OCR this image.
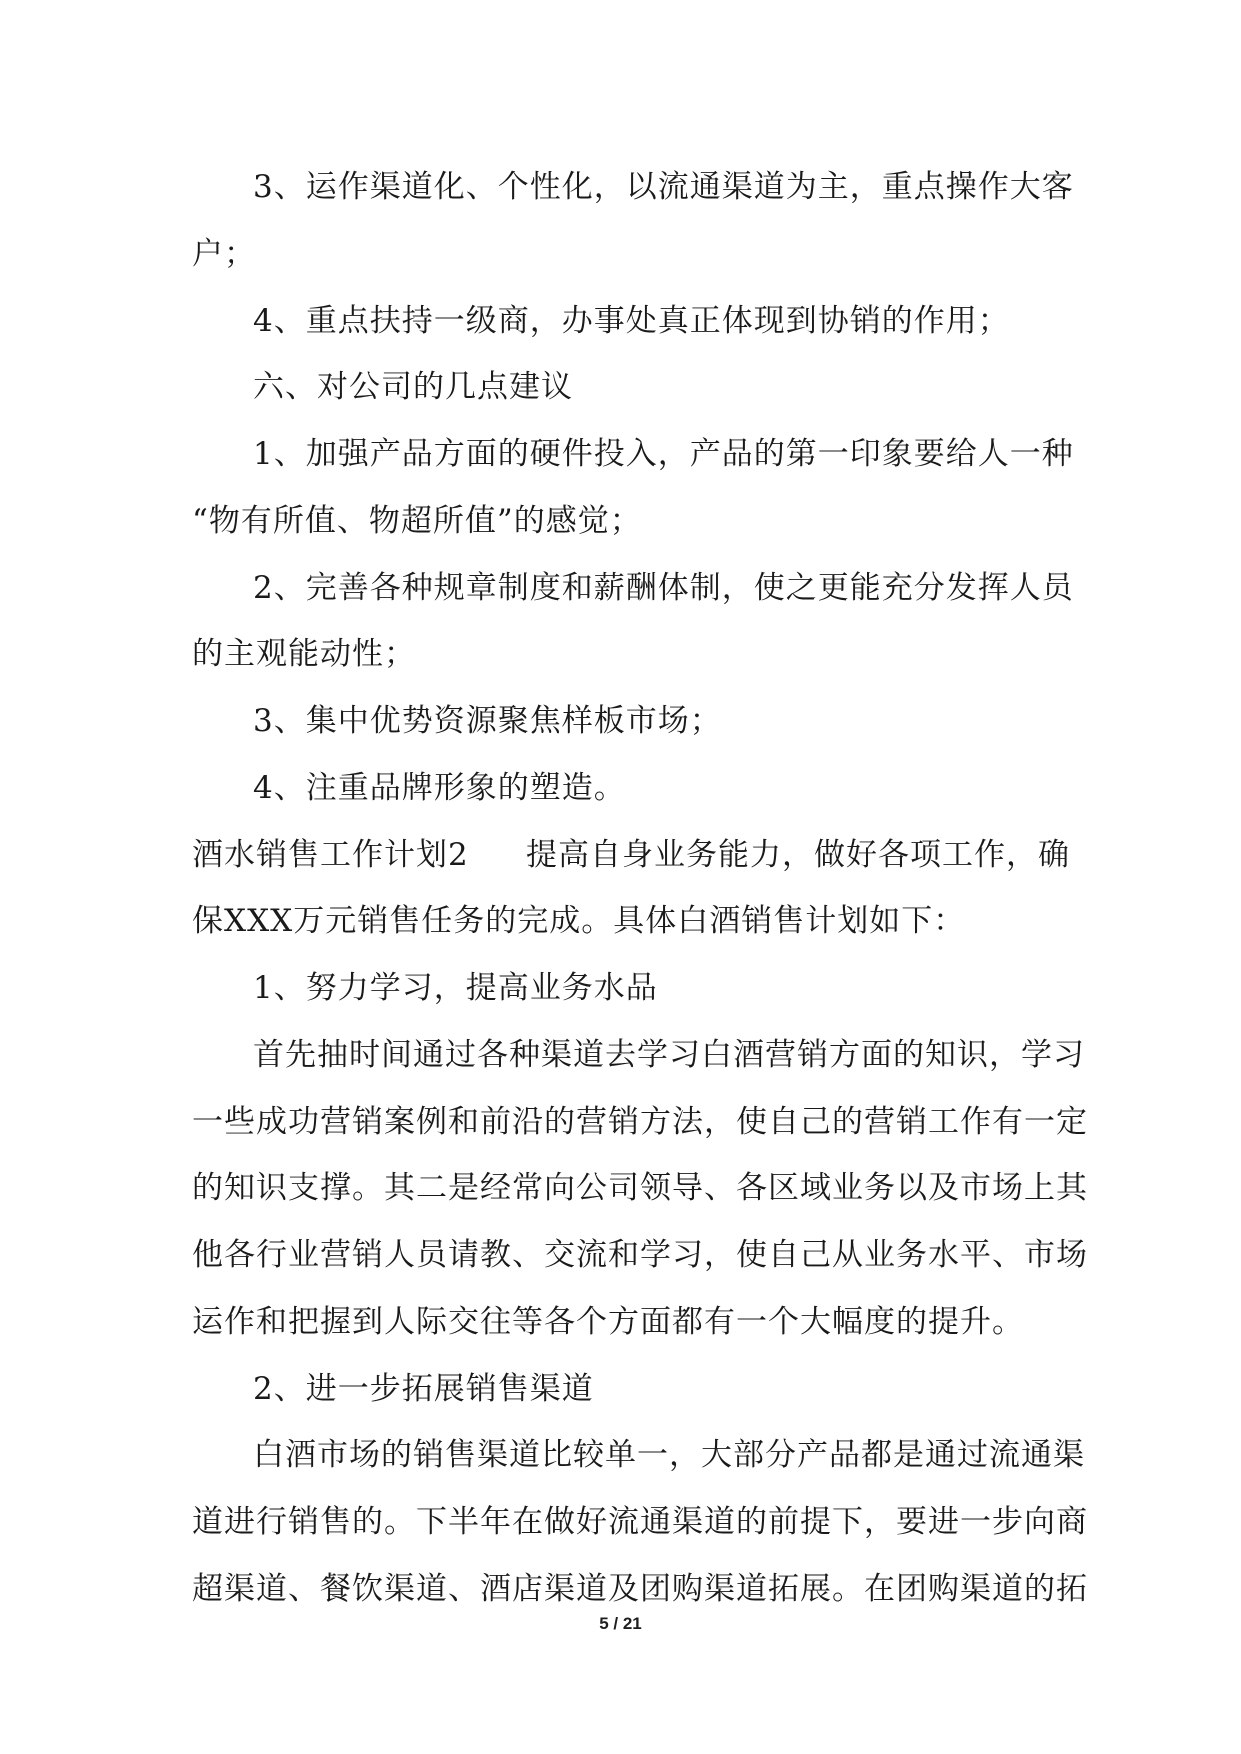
3、运作渠道化、个性化，以流通渠道为主，重点操作大客
户；
4、重点扶持一级商，办事处真正体现到协销的作用；
六、对公司的几点建议
1、加强产品方面的硬件投入，产品的第一印象要给人一种
“物有所值、物超所值”的感觉；
2、完善各种规章制度和薪酬体制，使之更能充分发挥人员
的主观能动性；
3、集中优势资源聚焦样板市场；
4、注重品牌形象的塑造。
酒水销售工作计划2 提高自身业务能力，做好各项工作，确
保XXX万元销售任务的完成。具体白酒销售计划如下：
1、努力学习，提高业务水品
首先抽时间通过各种渠道去学习白酒营销方面的知识，学习
一些成功营销案例和前沿的营销方法，使自己的营销工作有一定
的知识支撑。其二是经常向公司领导、各区域业务以及市场上其
他各行业营销人员请教、交流和学习，使自己从业务水平、市场
运作和把握到人际交往等各个方面都有一个大幅度的提升。
2、进一步拓展销售渠道
白酒市场的销售渠道比较单一，大部分产品都是通过流通渠
道进行销售的。下半年在做好流通渠道的前提下，要进一步向商
超渠道、餐饮渠道、酒店渠道及团购渠道拓展。在团购渠道的拓
5 / 21
